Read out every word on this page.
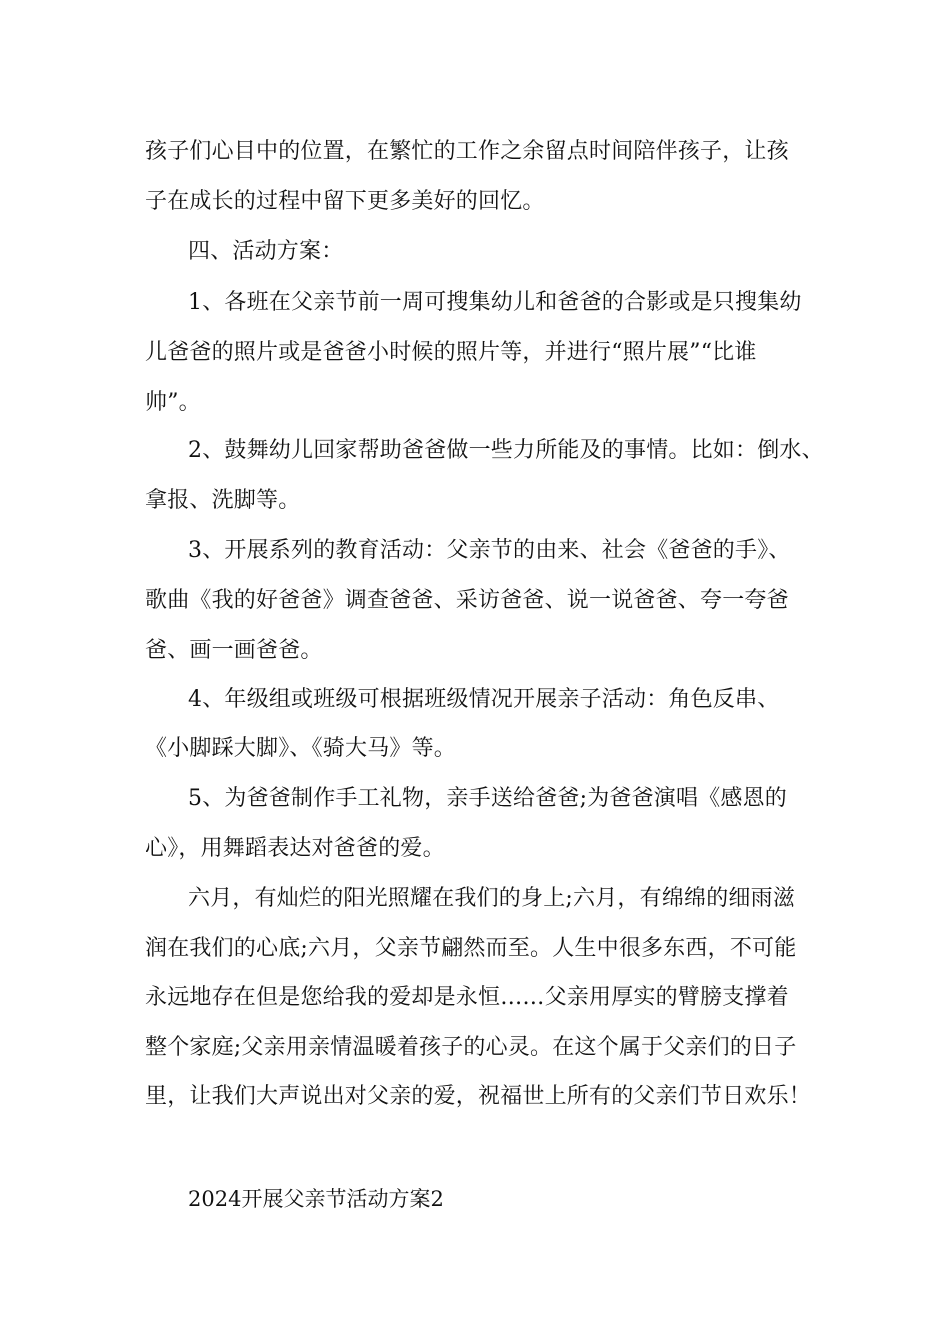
孩子们心目中的位置，在繁忙的工作之余留点时间陪伴孩子，让孩
子在成长的过程中留下更多美好的回忆。
四、活动方案：
1、各班在父亲节前一周可搜集幼儿和爸爸的合影或是只搜集幼
儿爸爸的照片或是爸爸小时候的照片等，并进行“照片展”“比谁
帅”。
2、鼓舞幼儿回家帮助爸爸做一些力所能及的事情。比如：倒水、
拿报、洗脚等。
3、开展系列的教育活动：父亲节的由来、社会《爸爸的手》、
歌曲《我的好爸爸》调查爸爸、采访爸爸、说一说爸爸、夸一夸爸
爸、画一画爸爸。
4、年级组或班级可根据班级情况开展亲子活动：角色反串、
《小脚踩大脚》、《骑大马》等。
5、为爸爸制作手工礼物，亲手送给爸爸;为爸爸演唱《感恩的
心》，用舞蹈表达对爸爸的爱。
六月，有灿烂的阳光照耀在我们的身上;六月，有绵绵的细雨滋
润在我们的心底;六月，父亲节翩然而至。人生中很多东西，不可能
永远地存在但是您给我的爱却是永恒……父亲用厚实的臂膀支撑着
整个家庭;父亲用亲情温暖着孩子的心灵。在这个属于父亲们的日子
里，让我们大声说出对父亲的爱，祝福世上所有的父亲们节日欢乐！
2024开展父亲节活动方案2
